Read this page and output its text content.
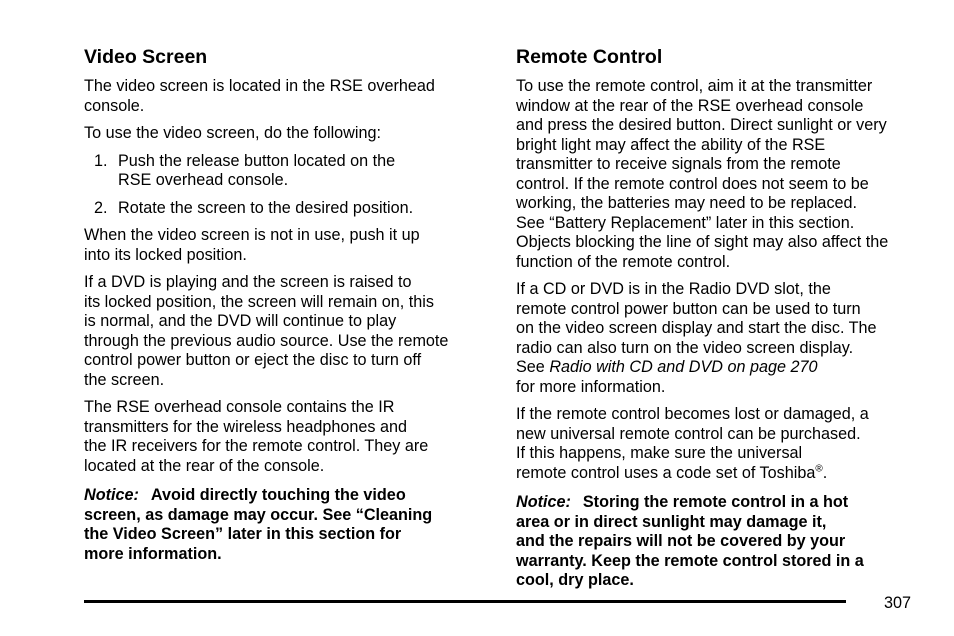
Video Screen

The video screen is located in the RSE overhead
console.

To use the video screen, do the following:

1. Push the release button located on the
RSE overhead console.
2. Rotate the screen to the desired position.

When the video screen is not in use, push it up
into its locked position.

If a DVD is playing and the screen is raised to
its locked position, the screen will remain on, this
is normal, and the DVD will continue to play
through the previous audio source. Use the remote
control power button or eject the disc to turn off
the screen.

The RSE overhead console contains the IR
transmitters for the wireless headphones and
the IR receivers for the remote control. They are
located at the rear of the console.

Notice: Avoid directly touching the video
screen, as damage may occur. See “Cleaning
the Video Screen” later in this section for
more information.

Remote Control

To use the remote control, aim it at the transmitter
window at the rear of the RSE overhead console
and press the desired button. Direct sunlight or very
bright light may affect the ability of the RSE
transmitter to receive signals from the remote
control. If the remote control does not seem to be
working, the batteries may need to be replaced.
See “Battery Replacement” later in this section.
Objects blocking the line of sight may also affect the
function of the remote control.

If a CD or DVD is in the Radio DVD slot, the
remote control power button can be used to turn
on the video screen display and start the disc. The
radio can also turn on the video screen display.
See Radio with CD and DVD on page 270
for more information.

If the remote control becomes lost or damaged, a
new universal remote control can be purchased.
If this happens, make sure the universal
remote control uses a code set of Toshiba®.

Notice: Storing the remote control in a hot
area or in direct sunlight may damage it,
and the repairs will not be covered by your
warranty. Keep the remote control stored in a
cool, dry place.

307
